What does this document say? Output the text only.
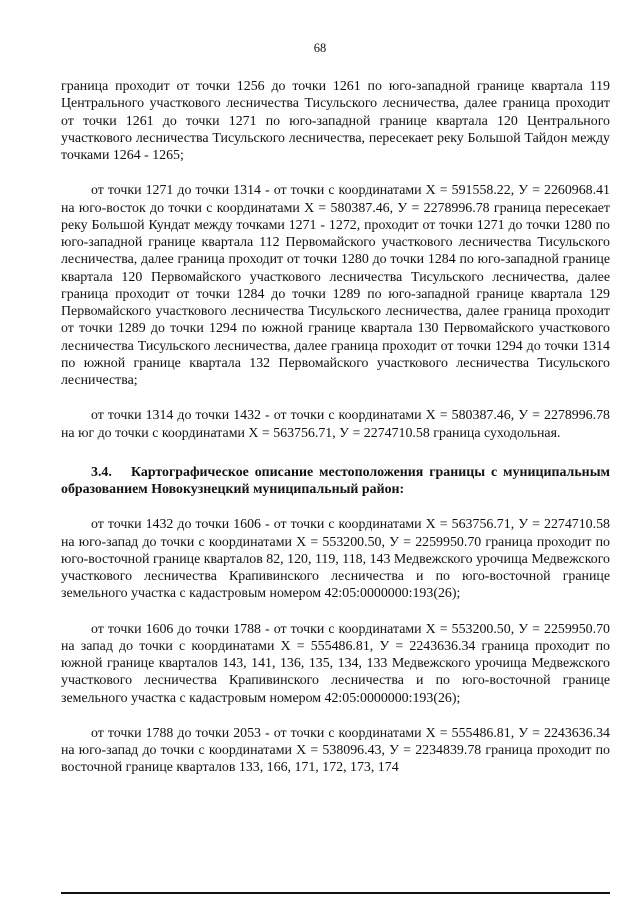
68

граница проходит от точки 1256 до точки 1261 по юго-западной границе квартала 119 Центрального участкового лесничества Тисульского лесничества, далее граница проходит от точки 1261 до точки 1271 по юго-западной границе квартала 120 Центрального участкового лесничества Тисульского лесничества, пересекает реку Большой Тайдон между точками 1264 - 1265;

от точки 1271 до точки 1314 - от точки с координатами X = 591558.22, У = 2260968.41 на юго-восток до точки с координатами X = 580387.46, У = 2278996.78 граница пересекает реку Большой Кундат между точками 1271 - 1272, проходит от точки 1271 до точки 1280 по юго-западной границе квартала 112 Первомайского участкового лесничества Тисульского лесничества, далее граница проходит от точки 1280 до точки 1284 по юго-западной границе квартала 120 Первомайского участкового лесничества Тисульского лесничества, далее граница проходит от точки 1284 до точки 1289 по юго-западной границе квартала 129 Первомайского участкового лесничества Тисульского лесничества, далее граница проходит от точки 1289 до точки 1294 по южной границе квартала 130 Первомайского участкового лесничества Тисульского лесничества, далее граница проходит от точки 1294 до точки 1314 по южной границе квартала 132 Первомайского участкового лесничества Тисульского лесничества;

от точки 1314 до точки 1432 - от точки с координатами X = 580387.46, У = 2278996.78 на юг до точки с координатами X = 563756.71, У = 2274710.58 граница суходольная.

3.4. Картографическое описание местоположения границы с муниципальным образованием Новокузнецкий муниципальный район:

от точки 1432 до точки 1606 - от точки с координатами X = 563756.71, У = 2274710.58 на юго-запад до точки с координатами X = 553200.50, У = 2259950.70 граница проходит по юго-восточной границе кварталов 82, 120, 119, 118, 143 Медвежского урочища Медвежского участкового лесничества Крапивинского лесничества и по юго-восточной границе земельного участка с кадастровым номером 42:05:0000000:193(26);

от точки 1606 до точки 1788 - от точки с координатами X = 553200.50, У = 2259950.70 на запад до точки с координатами X = 555486.81, У = 2243636.34 граница проходит по южной границе кварталов 143, 141, 136, 135, 134, 133 Медвежского урочища Медвежского участкового лесничества Крапивинского лесничества и по юго-восточной границе земельного участка с кадастровым номером 42:05:0000000:193(26);

от точки 1788 до точки 2053 - от точки с координатами X = 555486.81, У = 2243636.34 на юго-запад до точки с координатами X = 538096.43, У = 2234839.78 граница проходит по восточной границе кварталов 133, 166, 171, 172, 173, 174
